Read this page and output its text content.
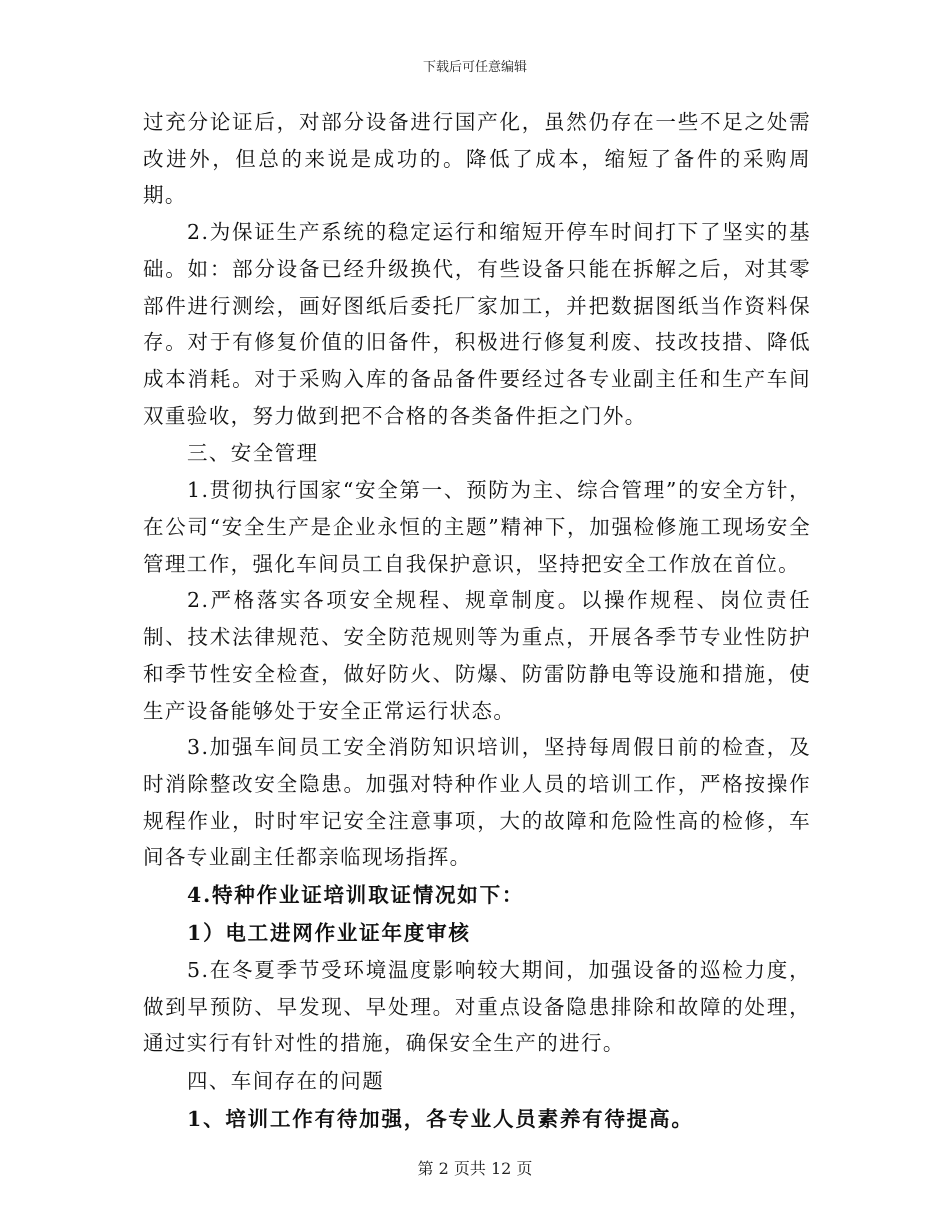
下载后可任意编辑

过充分论证后，对部分设备进行国产化，虽然仍存在一些不足之处需改进外，但总的来说是成功的。降低了成本，缩短了备件的采购周期。

2.为保证生产系统的稳定运行和缩短开停车时间打下了坚实的基础。如：部分设备已经升级换代，有些设备只能在拆解之后，对其零部件进行测绘，画好图纸后委托厂家加工，并把数据图纸当作资料保存。对于有修复价值的旧备件，积极进行修复利废、技改技措、降低成本消耗。对于采购入库的备品备件要经过各专业副主任和生产车间双重验收，努力做到把不合格的各类备件拒之门外。

三、安全管理

1.贯彻执行国家“安全第一、预防为主、综合管理”的安全方针，在公司“安全生产是企业永恒的主题”精神下，加强检修施工现场安全管理工作，强化车间员工自我保护意识，坚持把安全工作放在首位。

2.严格落实各项安全规程、规章制度。以操作规程、岗位责任制、技术法律规范、安全防范规则等为重点，开展各季节专业性防护和季节性安全检查，做好防火、防爆、防雷防静电等设施和措施，使生产设备能够处于安全正常运行状态。

3.加强车间员工安全消防知识培训，坚持每周假日前的检查，及时消除整改安全隐患。加强对特种作业人员的培训工作，严格按操作规程作业，时时牢记安全注意事项，大的故障和危险性高的检修，车间各专业副主任都亲临现场指挥。

4.特种作业证培训取证情况如下：

1）电工进网作业证年度审核

5.在冬夏季节受环境温度影响较大期间，加强设备的巡检力度，做到早预防、早发现、早处理。对重点设备隐患排除和故障的处理，通过实行有针对性的措施，确保安全生产的进行。

四、车间存在的问题

1、培训工作有待加强，各专业人员素养有待提高。

第 2 页共 12 页
